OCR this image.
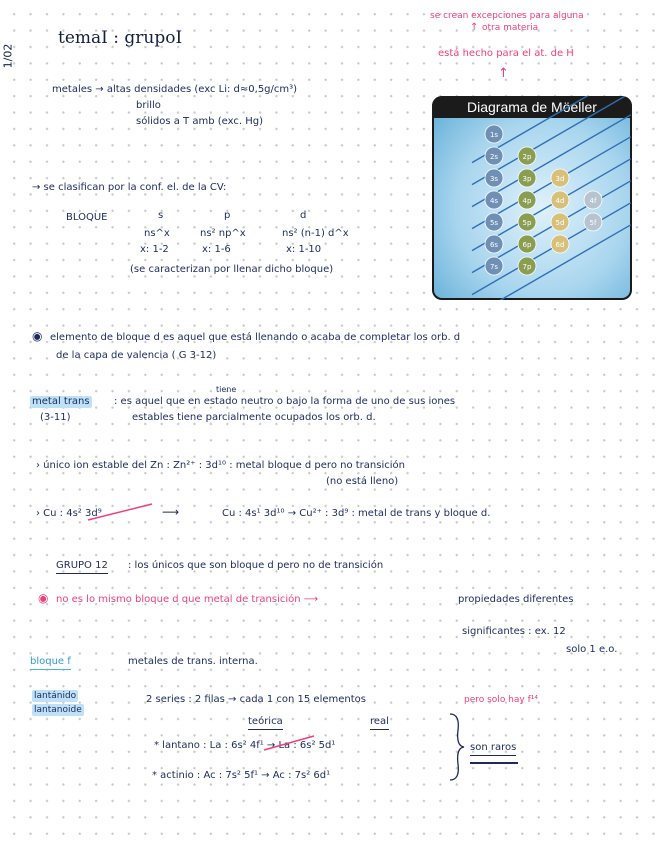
1/02
temaI : grupoI
se crean excepciones para alguna
otra materia
↑
está hecho para el at. de H
↑
metales → altas densidades (exc Li: d≈0,5g/cm³)
brillo
sólidos a T amb (exc. Hg)
→ se clasifican por la conf. el. de la CV:
BLOQUE	s	p	d
ns^x	ns² np^x	ns² (n-1) d^x
x: 1-2	x: 1-6	x: 1-10
(se caracterizan por llenar dicho bloque)
Diagrama de Möeller
1s
2s	2p
3s	3p	3d
4s	4p	4d	4f
5s	5p	5d	5f
6s	6p	6d
7s	7p
◉ elemento de bloque d es aquel que está llenando o acaba de completar los orb. d
de la capa de valencia ( G 3-12)
tiene
metal trans
(3-11)
: es aquel que en estado neutro o bajo la forma de uno de sus iones
estables tiene parcialmente ocupados los orb. d.
› único ion estable del Zn : Zn²⁺ : 3d¹⁰ : metal bloque d pero no transición
(no está lleno)
› Cu : 4s² 3d⁹	⟶	Cu : 4s¹ 3d¹⁰ → Cu²⁺ : 3d⁹ : metal de trans y bloque d.
GRUPO 12 : los únicos que son bloque d pero no de transición
◉ no es lo mismo bloque d que metal de transición ⟶	propiedades diferentes
significantes : ex. 12
solo 1 e.o.
bloque f	metales de trans. interna.
lantánido
lantanoide
2 series : 2 filas → cada 1 con 15 elementos	pero solo hay f¹⁴
teórica	real
* lantano : La : 6s² 4f¹ → La : 6s² 5d¹
* actinio : Ac : 7s² 5f¹ → Ac : 7s² 6d¹
son raros
